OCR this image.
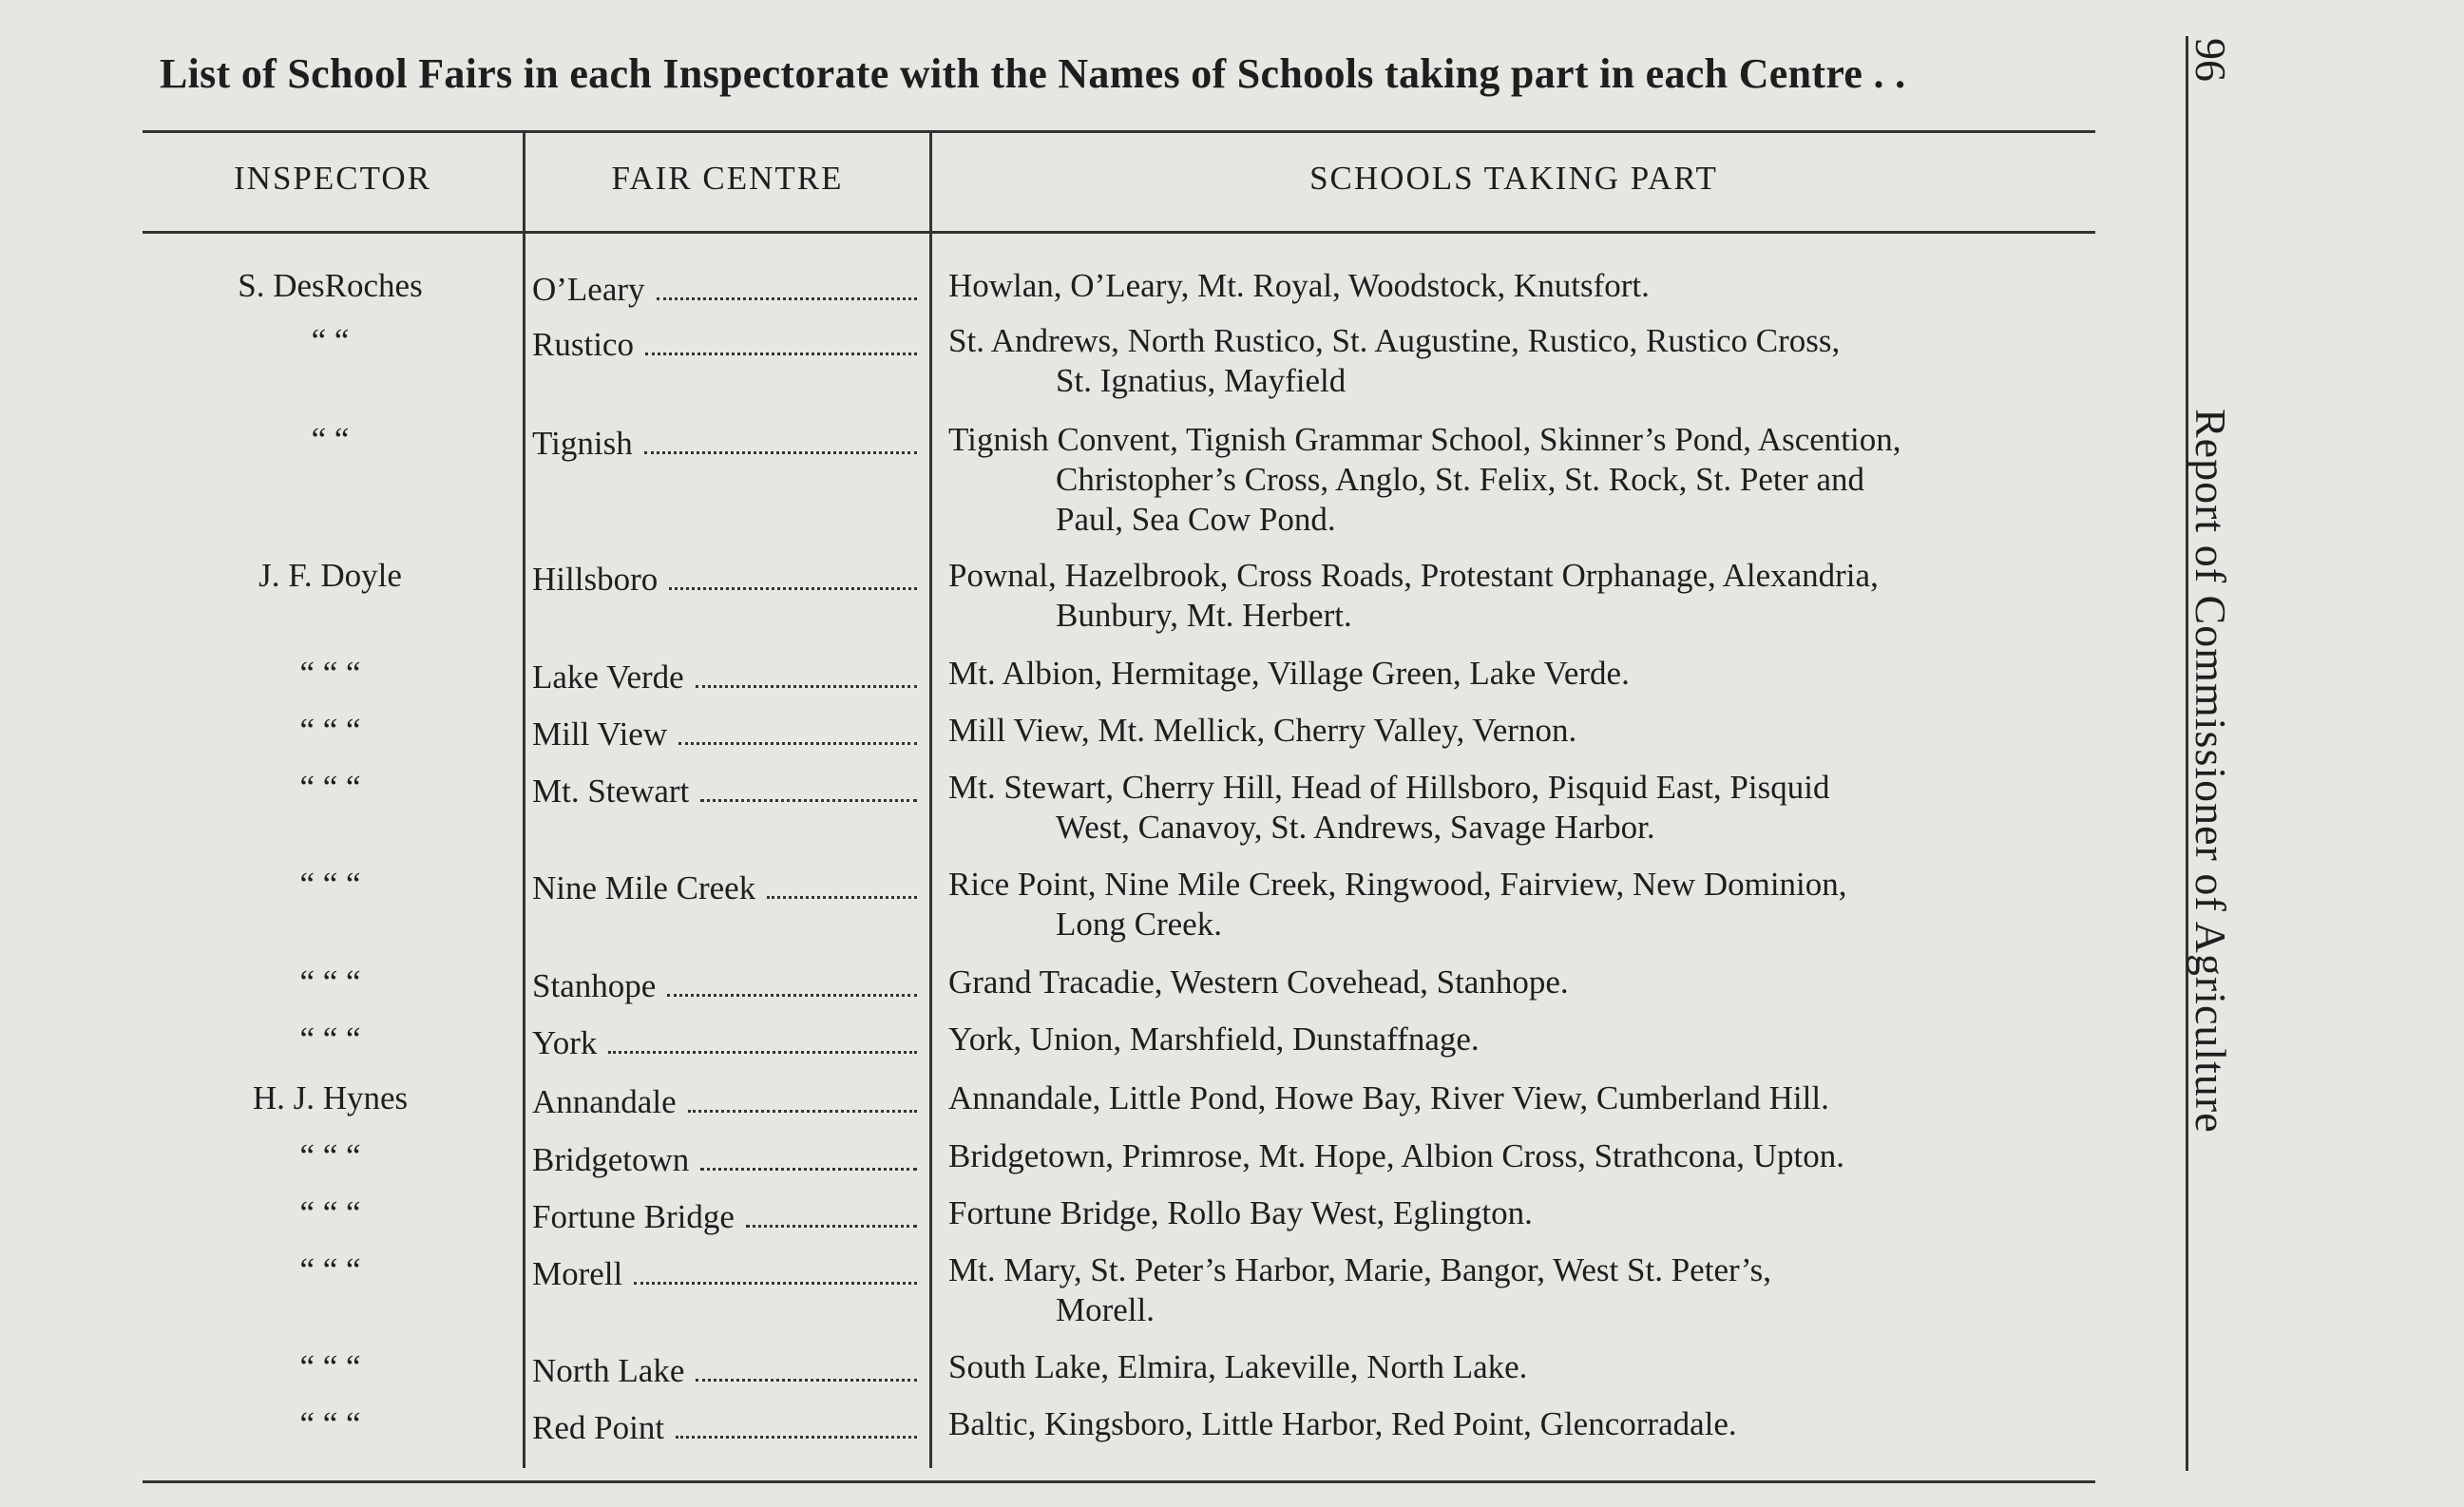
List of School Fairs in each Inspectorate with the Names of Schools taking part in each Centre . .
INSPECTOR	FAIR CENTRE	SCHOOLS TAKING PART
S. DesRoches	O’Leary	Howlan, O’Leary, Mt. Royal, Woodstock, Knutsfort.
“ “	Rustico	St. Andrews, North Rustico, St. Augustine, Rustico, Rustico Cross,
St. Ignatius, Mayfield
“ “	Tignish	Tignish Convent, Tignish Grammar School, Skinner’s Pond, Ascention,
Christopher’s Cross, Anglo, St. Felix, St. Rock, St. Peter and
Paul, Sea Cow Pond.
J. F. Doyle	Hillsboro	Pownal, Hazelbrook, Cross Roads, Protestant Orphanage, Alexandria,
Bunbury, Mt. Herbert.
“ “ “	Lake Verde	Mt. Albion, Hermitage, Village Green, Lake Verde.
“ “ “	Mill View	Mill View, Mt. Mellick, Cherry Valley, Vernon.
“ “ “	Mt. Stewart	Mt. Stewart, Cherry Hill, Head of Hillsboro, Pisquid East, Pisquid
West, Canavoy, St. Andrews, Savage Harbor.
“ “ “	Nine Mile Creek	Rice Point, Nine Mile Creek, Ringwood, Fairview, New Dominion,
Long Creek.
“ “ “	Stanhope	Grand Tracadie, Western Covehead, Stanhope.
“ “ “	York	York, Union, Marshfield, Dunstaffnage.
H. J. Hynes	Annandale	Annandale, Little Pond, Howe Bay, River View, Cumberland Hill.
“ “ “	Bridgetown	Bridgetown, Primrose, Mt. Hope, Albion Cross, Strathcona, Upton.
“ “ “	Fortune Bridge	Fortune Bridge, Rollo Bay West, Eglington.
“ “ “	Morell	Mt. Mary, St. Peter’s Harbor, Marie, Bangor, West St. Peter’s,
Morell.
“ “ “	North Lake	South Lake, Elmira, Lakeville, North Lake.
“ “ “	Red Point	Baltic, Kingsboro, Little Harbor, Red Point, Glencorradale.
96
Report of Commissioner of Agriculture
